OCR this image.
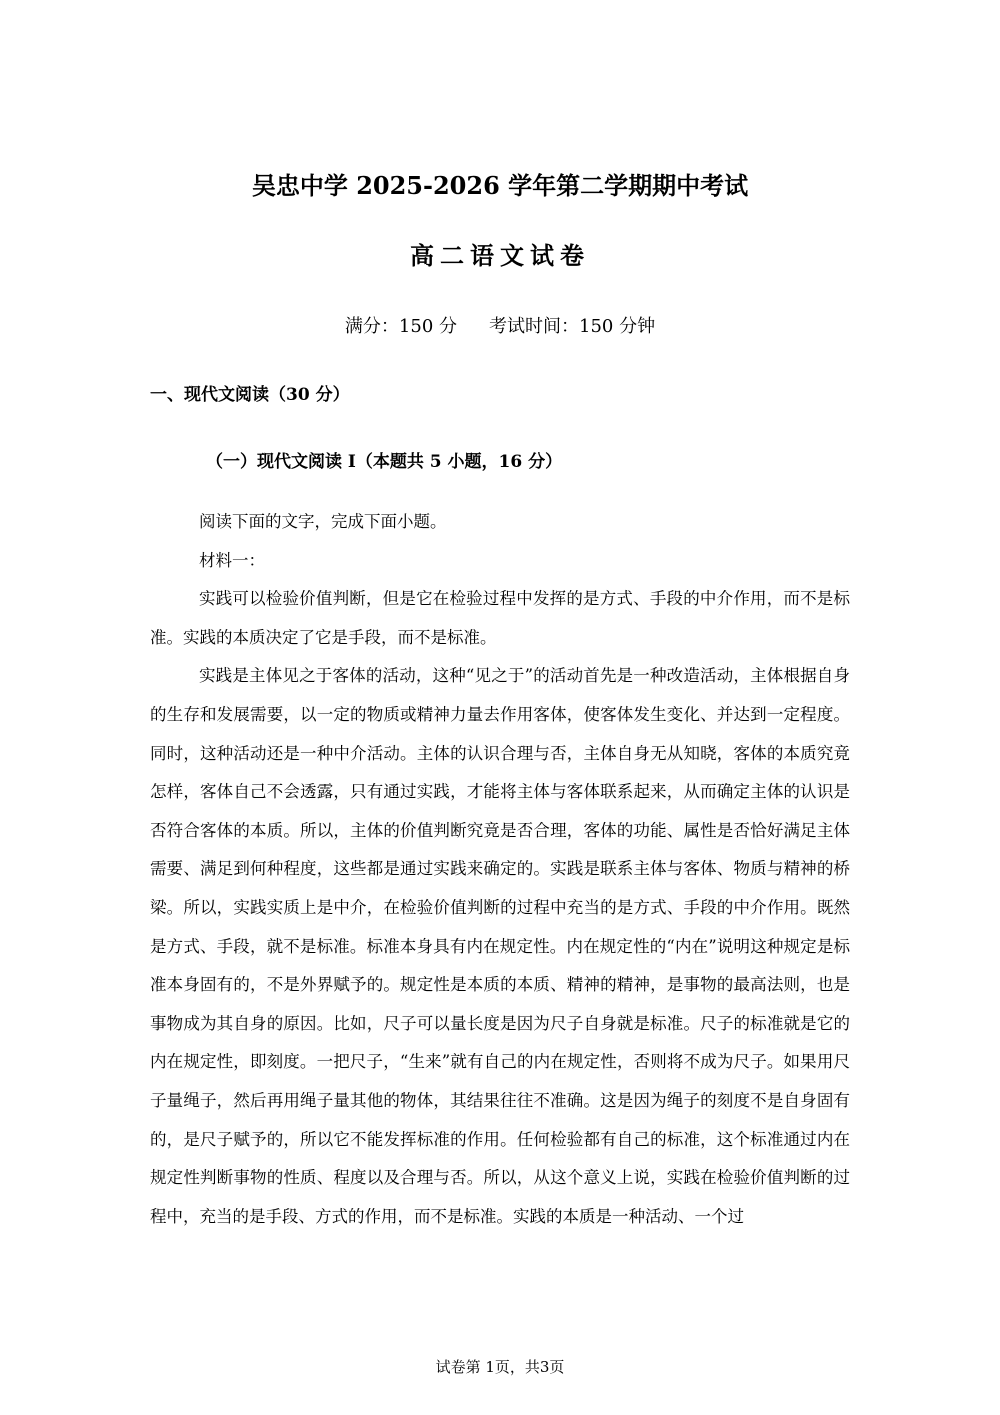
吴忠中学 2025-2026 学年第二学期期中考试
高二语文试卷
满分：150 分 考试时间：150 分钟
一、现代文阅读（30 分）
（一）现代文阅读 I（本题共 5 小题，16 分）

阅读下面的文字，完成下面小题。

材料一：

实践可以检验价值判断，但是它在检验过程中发挥的是方式、手段的中介作用，而不是标准。实践的本质决定了它是手段，而不是标准。

实践是主体见之于客体的活动，这种“见之于”的活动首先是一种改造活动，主体根据自身的生存和发展需要，以一定的物质或精神力量去作用客体，使客体发生变化、并达到一定程度。同时，这种活动还是一种中介活动。主体的认识合理与否，主体自身无从知晓，客体的本质究竟怎样，客体自己不会透露，只有通过实践，才能将主体与客体联系起来，从而确定主体的认识是否符合客体的本质。所以，主体的价值判断究竟是否合理，客体的功能、属性是否恰好满足主体需要、满足到何种程度，这些都是通过实践来确定的。实践是联系主体与客体、物质与精神的桥梁。所以，实践实质上是中介，在检验价值判断的过程中充当的是方式、手段的中介作用。既然是方式、手段，就不是标准。标准本身具有内在规定性。内在规定性的“内在”说明这种规定是标准本身固有的，不是外界赋予的。规定性是本质的本质、精神的精神，是事物的最高法则，也是事物成为其自身的原因。比如，尺子可以量长度是因为尺子自身就是标准。尺子的标准就是它的内在规定性，即刻度。一把尺子，“生来”就有自己的内在规定性，否则将不成为尺子。如果用尺子量绳子，然后再用绳子量其他的物体，其结果往往不准确。这是因为绳子的刻度不是自身固有的，是尺子赋予的，所以它不能发挥标准的作用。任何检验都有自己的标准，这个标准通过内在规定性判断事物的性质、程度以及合理与否。所以，从这个意义上说，实践在检验价值判断的过程中，充当的是手段、方式的作用，而不是标准。实践的本质是一种活动、一个过

试卷第 1页，共3页
